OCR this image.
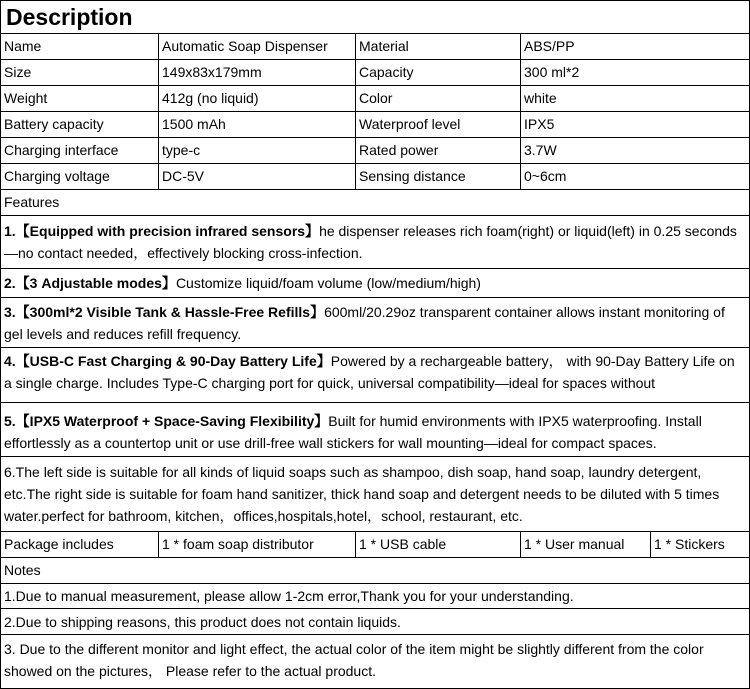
Description
Name	Automatic Soap Dispenser	Material	ABS/PP
Size	149x83x179mm	Capacity	300 ml*2
Weight	412g (no liquid)	Color	white
Battery capacity	1500 mAh	Waterproof level	IPX5
Charging interface	type-c	Rated power	3.7W
Charging voltage	DC-5V	Sensing distance	0~6cm
Features
1.【Equipped with precision infrared sensors】he dispenser releases rich foam(right) or liquid(left) in 0.25 seconds—no contact needed，effectively blocking cross-infection.
2.【3 Adjustable modes】Customize liquid/foam volume (low/medium/high)
3.【300ml*2 Visible Tank & Hassle-Free Refills】600ml/20.29oz transparent container allows instant monitoring of gel levels and reduces refill frequency.
4.【USB-C Fast Charging & 90-Day Battery Life】Powered by a rechargeable battery， with 90-Day Battery Life on a single charge. Includes Type-C charging port for quick, universal compatibility—ideal for spaces without
5.【IPX5 Waterproof + Space-Saving Flexibility】Built for humid environments with IPX5 waterproofing. Install effortlessly as a countertop unit or use drill-free wall stickers for wall mounting—ideal for compact spaces.
6.The left side is suitable for all kinds of liquid soaps such as shampoo, dish soap, hand soap, laundry detergent, etc.The right side is suitable for foam hand sanitizer, thick hand soap and detergent needs to be diluted with 5 times water.perfect for bathroom, kitchen，offices,hospitals,hotel，school, restaurant, etc.
Package includes	1 * foam soap distributor	1 * USB cable	1 * User manual	1 * Stickers
Notes
1.Due to manual measurement, please allow 1-2cm error,Thank you for your understanding.
2.Due to shipping reasons, this product does not contain liquids.
3. Due to the different monitor and light effect, the actual color of the item might be slightly different from the color showed on the pictures， Please refer to the actual product.
